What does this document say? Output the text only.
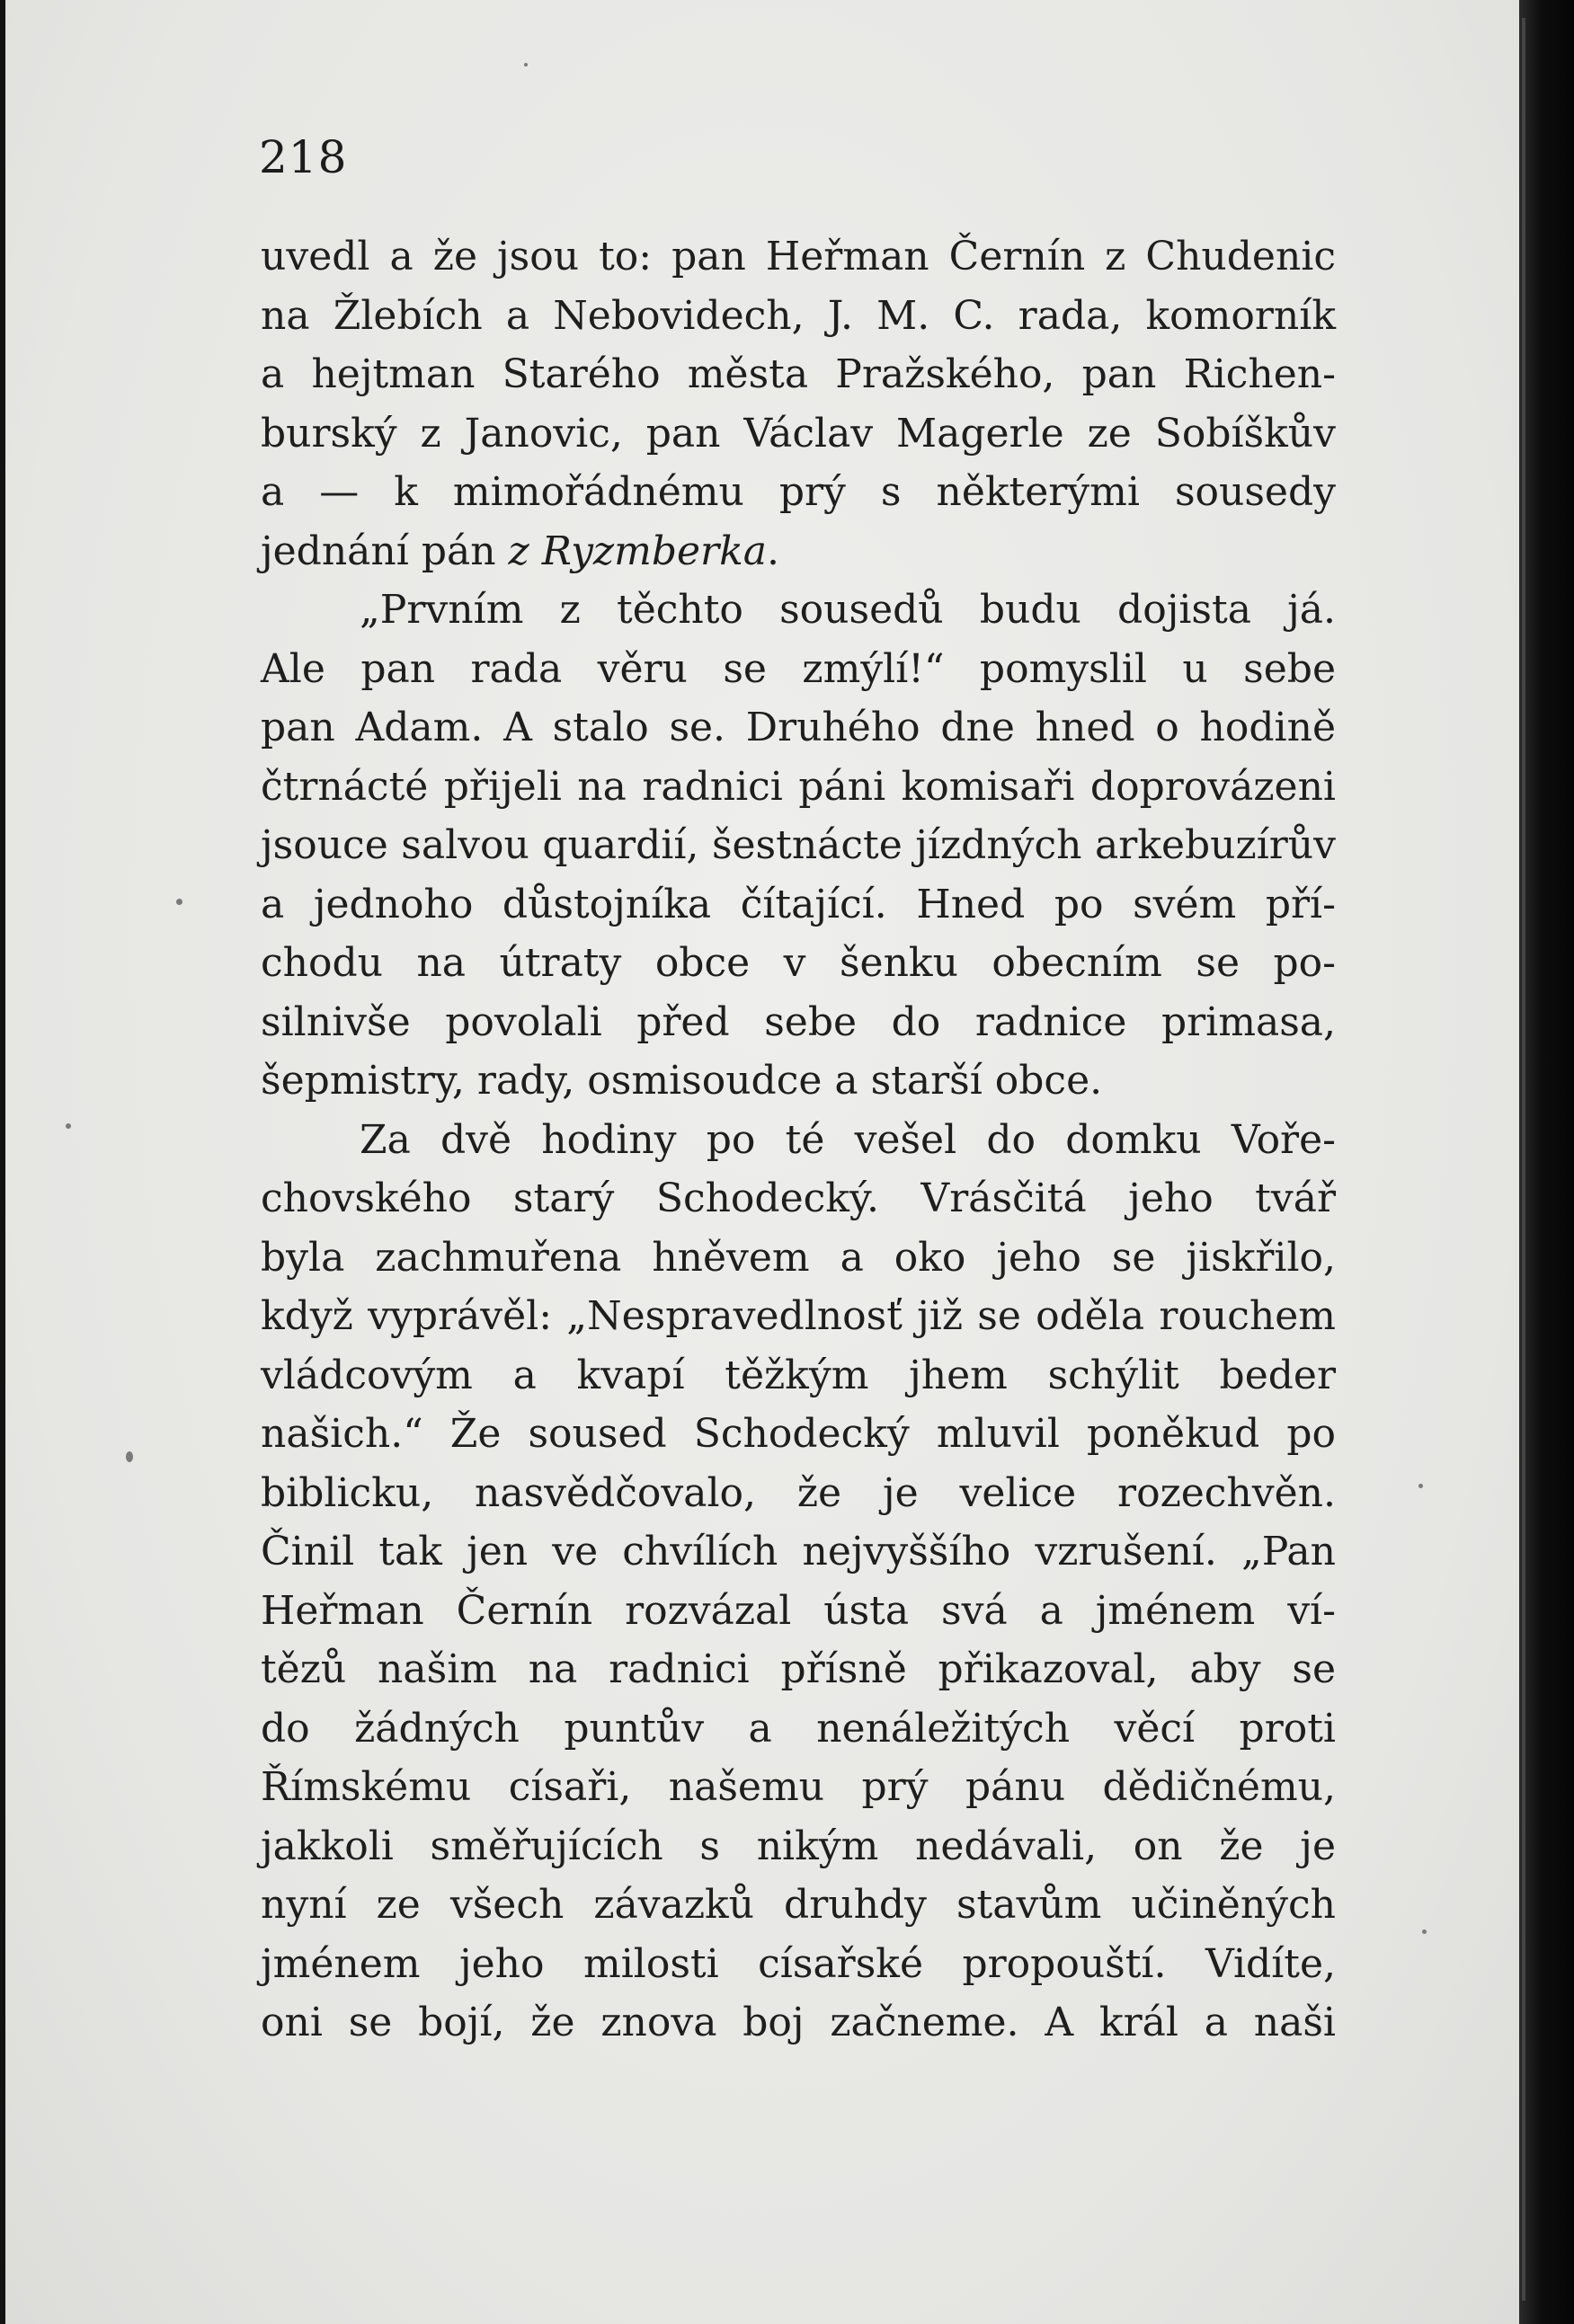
218
uvedl a že jsou to: pan Heřman Černín z Chudenic
na Žlebích a Nebovidech, J. M. C. rada, komorník
a hejtman Starého města Pražského, pan Richen-
burský z Janovic, pan Václav Magerle ze Sobíškův
a — k mimořádnému prý s některými sousedy
jednání pán z Ryzmberka.
„Prvním z těchto sousedů budu dojista já.
Ale pan rada věru se zmýlí!“ pomyslil u sebe
pan Adam. A stalo se. Druhého dne hned o hodině
čtrnácté přijeli na radnici páni komisaři doprovázeni
jsouce salvou quardií, šestnácte jízdných arkebuzírův
a jednoho důstojníka čítající. Hned po svém pří-
chodu na útraty obce v šenku obecním se po-
silnivše povolali před sebe do radnice primasa,
šepmistry, rady, osmisoudce a starší obce.
Za dvě hodiny po té vešel do domku Voře-
chovského starý Schodecký. Vrásčitá jeho tvář
byla zachmuřena hněvem a oko jeho se jiskřilo,
když vyprávěl: „Nespravedlnosť již se oděla rouchem
vládcovým a kvapí těžkým jhem schýlit beder
našich.“ Že soused Schodecký mluvil poněkud po
biblicku, nasvědčovalo, že je velice rozechvěn.
Činil tak jen ve chvílích nejvyššího vzrušení. „Pan
Heřman Černín rozvázal ústa svá a jménem ví-
tězů našim na radnici přísně přikazoval, aby se
do žádných puntův a nenáležitých věcí proti
Římskému císaři, našemu prý pánu dědičnému,
jakkoli směřujících s nikým nedávali, on že je
nyní ze všech závazků druhdy stavům učiněných
jménem jeho milosti císařské propouští. Vidíte,
oni se bojí, že znova boj začneme. A král a naši
